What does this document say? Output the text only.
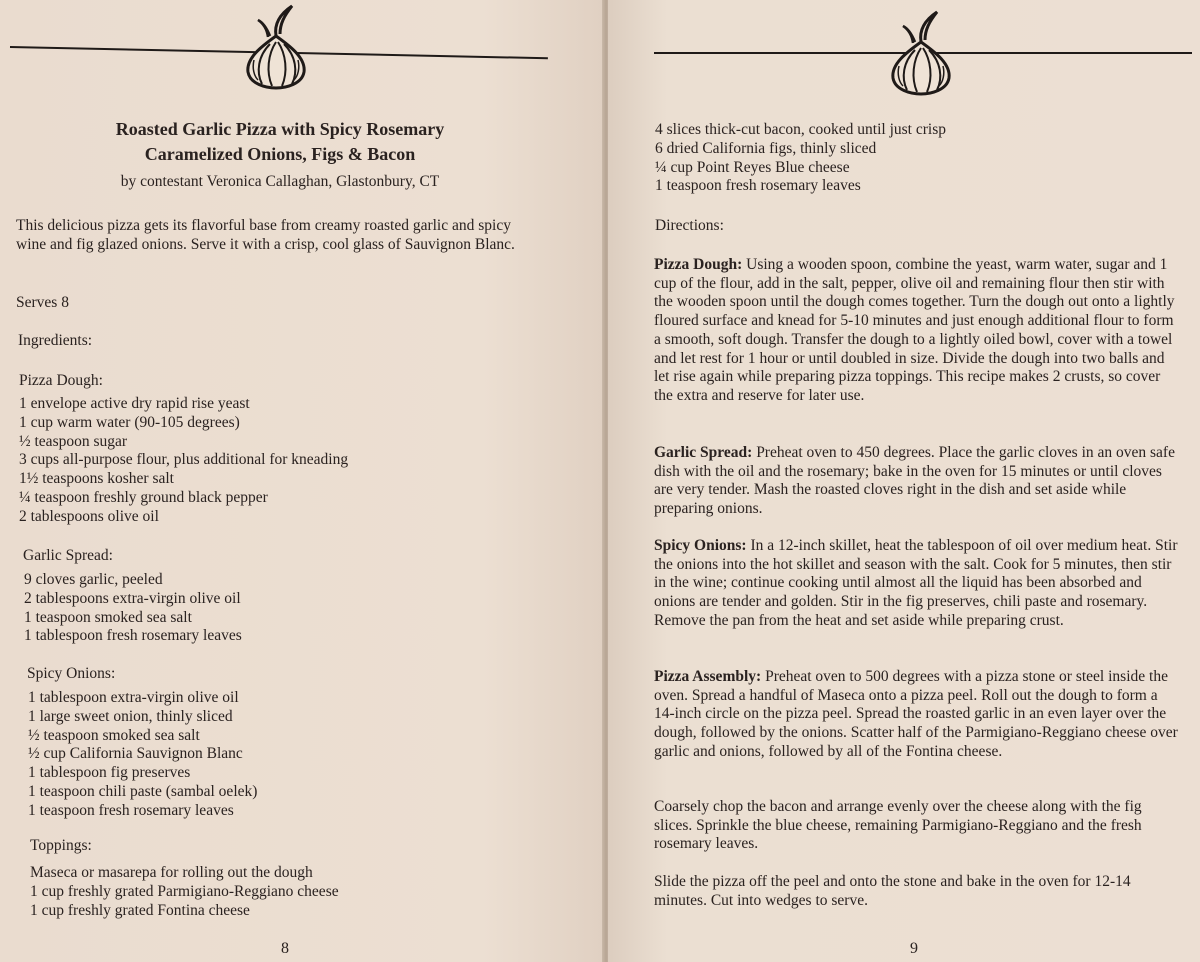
Roasted Garlic Pizza with Spicy Rosemary
Caramelized Onions, Figs & Bacon
by contestant Veronica Callaghan, Glastonbury, CT
This delicious pizza gets its flavorful base from creamy roasted garlic and spicy wine and fig glazed onions. Serve it with a crisp, cool glass of Sauvignon Blanc.
Serves 8
Ingredients:
Pizza Dough:
1 envelope active dry rapid rise yeast
1 cup warm water (90-105 degrees)
½ teaspoon sugar
3 cups all-purpose flour, plus additional for kneading
1½ teaspoons kosher salt
¼ teaspoon freshly ground black pepper
2 tablespoons olive oil
Garlic Spread:
9 cloves garlic, peeled
2 tablespoons extra-virgin olive oil
1 teaspoon smoked sea salt
1 tablespoon fresh rosemary leaves
Spicy Onions:
1 tablespoon extra-virgin olive oil
1 large sweet onion, thinly sliced
½ teaspoon smoked sea salt
½ cup California Sauvignon Blanc
1 tablespoon fig preserves
1 teaspoon chili paste (sambal oelek)
1 teaspoon fresh rosemary leaves
Toppings:
Maseca or masarepa for rolling out the dough
1 cup freshly grated Parmigiano-Reggiano cheese
1 cup freshly grated Fontina cheese
8
4 slices thick-cut bacon, cooked until just crisp
6 dried California figs, thinly sliced
¼ cup Point Reyes Blue cheese
1 teaspoon fresh rosemary leaves
Directions:
Pizza Dough: Using a wooden spoon, combine the yeast, warm water, sugar and 1 cup of the flour, add in the salt, pepper, olive oil and remaining flour then stir with the wooden spoon until the dough comes together. Turn the dough out onto a lightly floured surface and knead for 5-10 minutes and just enough additional flour to form a smooth, soft dough. Transfer the dough to a lightly oiled bowl, cover with a towel and let rest for 1 hour or until doubled in size. Divide the dough into two balls and let rise again while preparing pizza toppings. This recipe makes 2 crusts, so cover the extra and reserve for later use.
Garlic Spread: Preheat oven to 450 degrees. Place the garlic cloves in an oven safe dish with the oil and the rosemary; bake in the oven for 15 minutes or until cloves are very tender. Mash the roasted cloves right in the dish and set aside while preparing onions.
Spicy Onions: In a 12-inch skillet, heat the tablespoon of oil over medium heat. Stir the onions into the hot skillet and season with the salt. Cook for 5 minutes, then stir in the wine; continue cooking until almost all the liquid has been absorbed and onions are tender and golden. Stir in the fig preserves, chili paste and rosemary. Remove the pan from the heat and set aside while preparing crust.
Pizza Assembly: Preheat oven to 500 degrees with a pizza stone or steel inside the oven. Spread a handful of Maseca onto a pizza peel. Roll out the dough to form a 14-inch circle on the pizza peel. Spread the roasted garlic in an even layer over the dough, followed by the onions. Scatter half of the Parmigiano-Reggiano cheese over garlic and onions, followed by all of the Fontina cheese.
Coarsely chop the bacon and arrange evenly over the cheese along with the fig slices. Sprinkle the blue cheese, remaining Parmigiano-Reggiano and the fresh rosemary leaves.
Slide the pizza off the peel and onto the stone and bake in the oven for 12-14 minutes. Cut into wedges to serve.
9
